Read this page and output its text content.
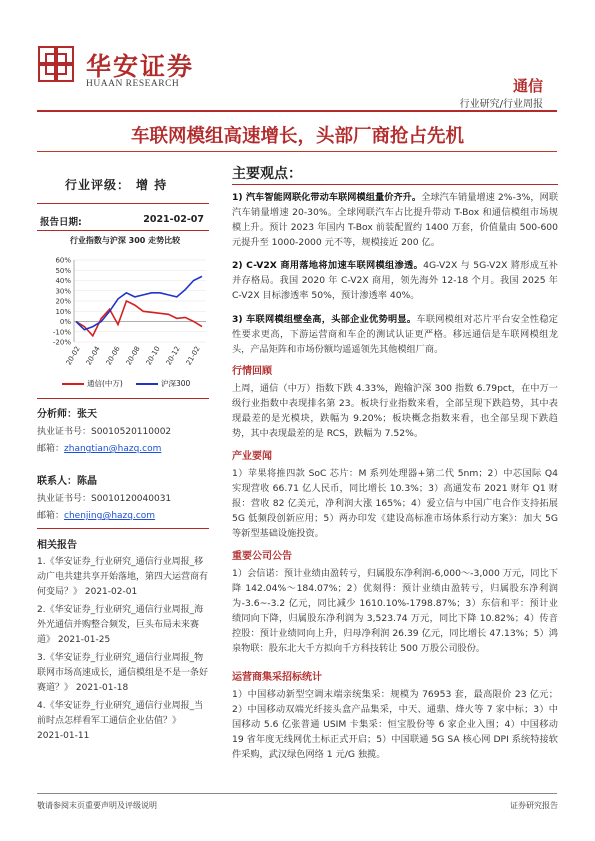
华安证券
HUAAN RESEARCH	通信
行业研究/行业周报
车联网模组高速增长，头部厂商抢占先机
行业评级： 增 持
报告日期:	2021-02-07
行业指数与沪深 300 走势比较
60%
50%
40%
30%
20%
10%
0%
-10%
-20%
20-02 20-04 20-06 20-08 20-10 20-12 21-02
通信(中万)	沪深300
分析师：张天
执业证书号：S0010520110002
邮箱：zhangtian@hazq.com
联系人：陈晶
执业证书号：S0010120040031
邮箱：chenjing@hazq.com
相关报告
1.《华安证券_行业研究_通信行业周报_移动广电共建共享开始落地，第四大运营商有何变局？》 2021-02-01
2.《华安证券_行业研究_通信行业周报_海外光通信并购整合频发，巨头布局未来赛道》 2021-01-25
3.《华安证券_行业研究_通信行业周报_物联网市场高速成长，通信模组是不是一条好赛道？》 2021-01-18
4.《华安证券_行业研究_通信行业周报_当前时点怎样看军工通信企业估值？》 2021-01-11
主要观点：
1) 汽车智能网联化带动车联网模组量价齐升。全球汽车销量增速 2%-3%，网联汽车销量增速 20-30%。全球网联汽车占比提升带动 T-Box 和通信模组市场规模上升。预计 2023 年国内 T-Box 前装配置约 1400 万套，价值量由 500-600 元提升至 1000-2000 元不等，规模接近 200 亿。
2) C-V2X 商用落地将加速车联网模组渗透。4G-V2X 与 5G-V2X 將形成互补并存格局。我国 2020 年 C-V2X 商用，领先海外 12-18 个月。我国 2025 年 C-V2X 目标渗透率 50%，预计渗透率 40%。
3) 车联网模组壁垒高，头部企业优势明显。车联网模组对芯片平台安全性稳定性要求更高，下游运营商和车企的测试认证更严格。移远通信是车联网模组龙头，产品矩阵和市场份额均遥遥领先其他模组厂商。
行情回顾
上周，通信（中万）指数下跌 4.33%，跑输沪深 300 指数 6.79pct，在中万一级行业指数中表现排名第 23。板块行业指数来看，全部呈现下跌趋势，其中表现最差的是光模块，跌幅为 9.20%；板块概念指数来看，也全部呈现下跌趋势，其中表现最差的是 RCS，跌幅为 7.52%。
产业要闻
1）苹果将推四款 SoC 芯片：M 系列处理器+第二代 5nm；2）中芯国际 Q4 实现营收 66.71 亿人民币，同比增长 10.3%；3）高通发布 2021 财年 Q1 财报：营收 82 亿美元，净利润大涨 165%；4）爱立信与中国广电合作支持拓展 5G 低频段创新应用；5）两办印发《建设高标准市场体系行动方案》：加大 5G 等新型基础设施投资。
重要公司公告
1）会信诺：预计业绩由盈转亏，归属股东净利润-6,000～-3,000 万元，同比下降 142.04%～184.07%；2）优刻得：预计业绩由盈转亏，归属股东净利润为-3.6~-3.2 亿元，同比减少 1610.10%-1798.87%；3）东信和平：预计业绩同向下降，归属股东净利润为 3,523.74 万元，同比下降 10.82%；4）传音控股：预计业绩同向上升，归母净利润 26.39 亿元，同比增长 47.13%；5）鸿泉物联：股东北大千方拟向千方科技转让 500 万股公司股份。
运营商集采招标统计
1）中国移动新型空调末端亲统集采：规模为 76953 套，最高限价 23 亿元；2）中国移动双端光纤接头盒产品集采，中天、通鼎、烽火等 7 家中标；3）中国移动 5.6 亿张普通 USIM 卡集采：恒宝股份等 6 家企业入围；4）中国移动 19 省年度无线网优土标正式开启；5）中国联通 5G SA 核心网 DPI 系统特接软件采购，武汉绿色网络 1 元/G 独揽。
敬请参阅末页重要声明及评级说明	证券研究报告
